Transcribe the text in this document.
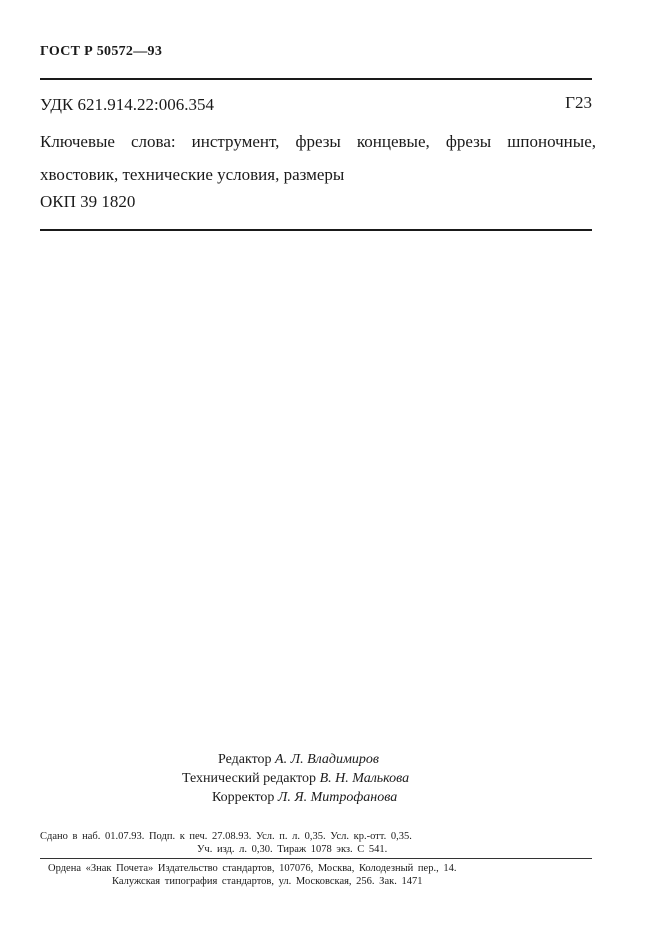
ГОСТ Р 50572—93
УДК 621.914.22:006.354	Г23

Ключевые слова: инструмент, фрезы концевые, фрезы шпоночные, хвостовик, технические условия, размеры

ОКП 39 1820
Редактор А. Л. Владимиров
Технический редактор В. Н. Малькова
Корректор Л. Я. Митрофанова
Сдано в наб. 01.07.93. Подп. к печ. 27.08.93. Усл. п. л. 0,35. Усл. кр.-отт. 0,35.
Уч. изд. л. 0,30. Тираж 1078 экз. С 541.
Ордена «Знак Почета» Издательство стандартов, 107076, Москва, Колодезный пер., 14.
Калужская типография стандартов, ул. Московская, 256. Зак. 1471
